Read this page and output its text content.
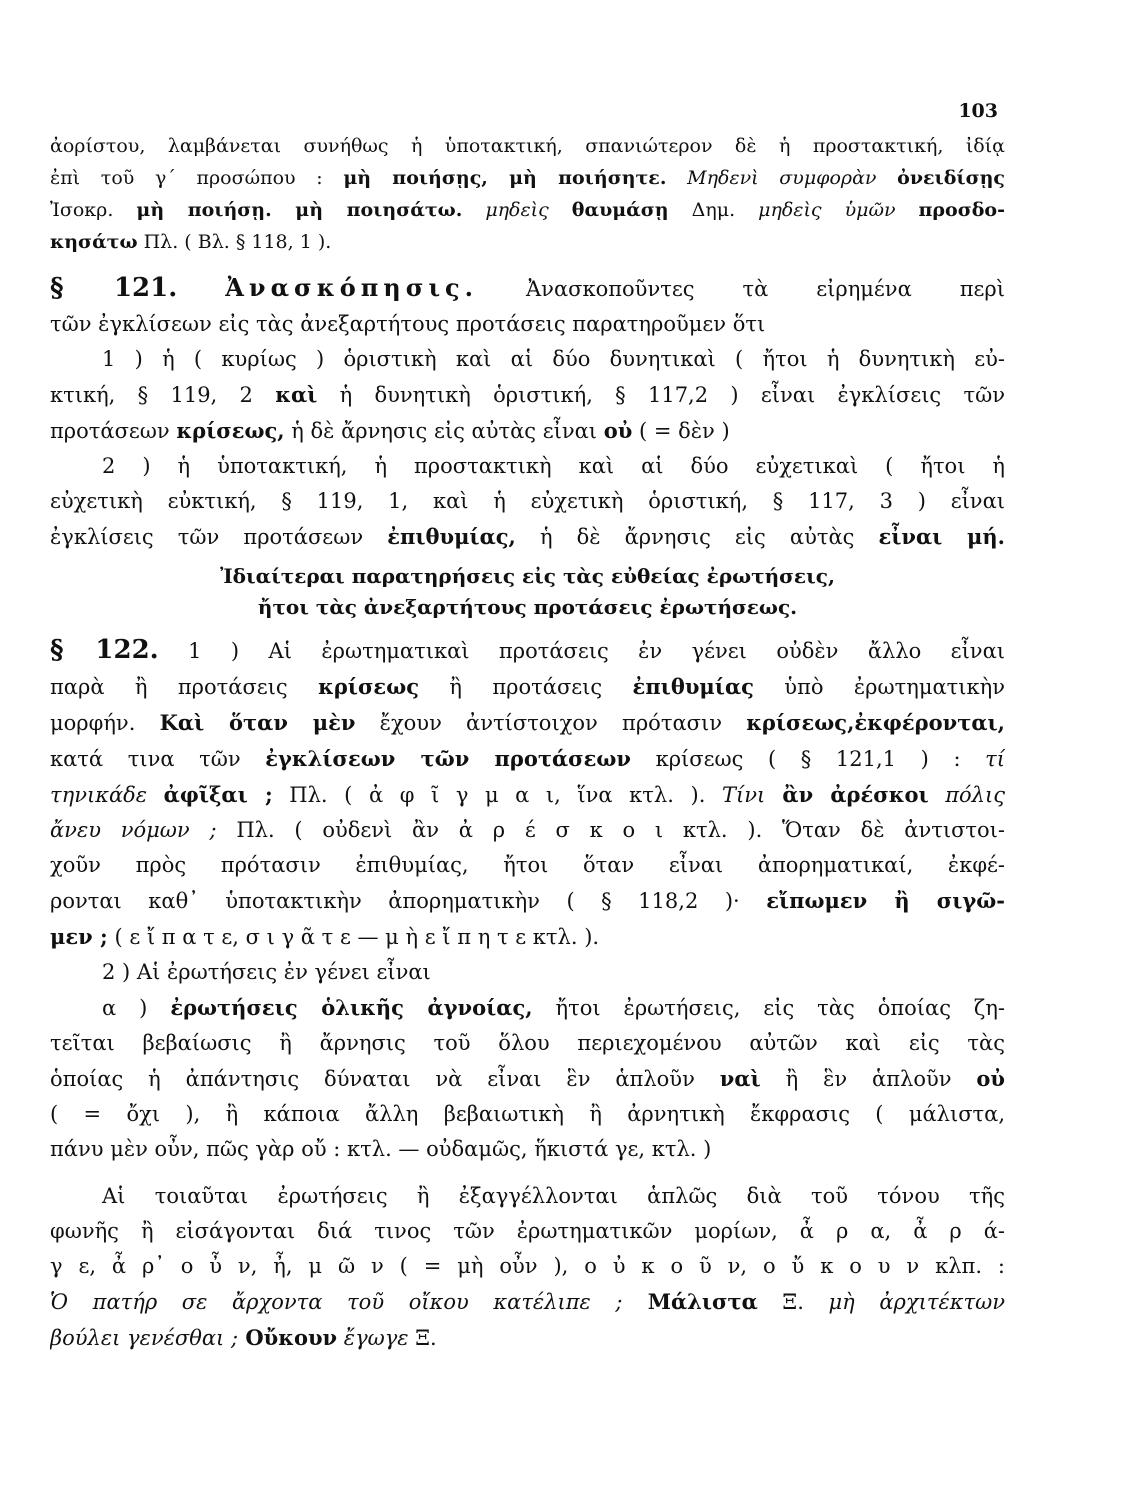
103
ἀορίστου, λαμβάνεται συνήθως ἡ ὑποτακτική, σπανιώτερον δὲ ἡ προστακτική, ἰδίᾳ
ἐπὶ τοῦ γ΄ προσώπου : μὴ ποιήσῃς, μὴ ποιήσητε. Μηδενὶ συμφορὰν ὀνειδίσῃς
Ἰσοκρ. μὴ ποιήσῃ. μὴ ποιησάτω. μηδεὶς θαυμάσῃ Δημ. μηδεὶς ὑμῶν προσδο-
κησάτω Πλ. ( Βλ. § 118, 1 ).
§ 121. Ἀνασκόπησις. Ἀνασκοποῦντες τὰ εἰρημένα περὶ
τῶν ἐγκλίσεων εἰς τὰς ἀνεξαρτήτους προτάσεις παρατηροῦμεν ὅτι
1 ) ἡ ( κυρίως ) ὁριστικὴ καὶ αἱ δύο δυνητικαὶ ( ἤτοι ἡ δυνητικὴ εὐ-
κτική, § 119, 2 καὶ ἡ δυνητικὴ ὁριστική, § 117,2 ) εἶναι ἐγκλίσεις τῶν
προτάσεων κρίσεως, ἡ δὲ ἄρνησις εἰς αὐτὰς εἶναι οὐ ( = δὲν )
2 ) ἡ ὑποτακτική, ἡ προστακτικὴ καὶ αἱ δύο εὐχετικαὶ ( ἤτοι ἡ
εὐχετικὴ εὐκτική, § 119, 1, καὶ ἡ εὐχετικὴ ὁριστική, § 117, 3 ) εἶναι
ἐγκλίσεις τῶν προτάσεων ἐπιθυμίας, ἡ δὲ ἄρνησις εἰς αὐτὰς εἶναι μή.
Ἰδιαίτεραι παρατηρήσεις εἰς τὰς εὐθείας ἐρωτήσεις,
ἤτοι τὰς ἀνεξαρτήτους προτάσεις ἐρωτήσεως.
§ 122. 1 ) Αἱ ἐρωτηματικαὶ προτάσεις ἐν γένει οὐδὲν ἄλλο εἶναι
παρὰ ἢ προτάσεις κρίσεως ἢ προτάσεις ἐπιθυμίας ὑπὸ ἐρωτηματικὴν
μορφήν. Καὶ ὅταν μὲν ἔχουν ἀντίστοιχον πρότασιν κρίσεως,ἐκφέρονται,
κατά τινα τῶν ἐγκλίσεων τῶν προτάσεων κρίσεως ( § 121,1 ) : τί
τηνικάδε ἀφῖξαι ; Πλ. ( ἀ φ ῖ γ μ α ι, ἵνα κτλ. ). Τίνι ἂν ἀρέσκοι πόλις
ἄνευ νόμων ; Πλ. ( οὐδενὶ ἂν ἀ ρ έ σ κ ο ι κτλ. ). Ὅταν δὲ ἀντιστοι-
χοῦν πρὸς πρότασιν ἐπιθυμίας, ἤτοι ὅταν εἶναι ἀπορηματικαί, ἐκφέ-
ρονται καθ᾽ ὑποτακτικὴν ἀπορηματικὴν ( § 118,2 )· εἴπωμεν ἢ σιγῶ-
μεν ; ( ε ἴ π α τ ε, σ ι γ ᾶ τ ε — μ ὴ ε ἴ π η τ ε κτλ. ).
2 ) Αἱ ἐρωτήσεις ἐν γένει εἶναι
α ) ἐρωτήσεις ὁλικῆς ἀγνοίας, ἤτοι ἐρωτήσεις, εἰς τὰς ὁποίας ζη-
τεῖται βεβαίωσις ἢ ἄρνησις τοῦ ὅλου περιεχομένου αὐτῶν καὶ εἰς τὰς
ὁποίας ἡ ἀπάντησις δύναται νὰ εἶναι ἓν ἁπλοῦν ναὶ ἢ ἓν ἁπλοῦν οὐ
( = ὄχι ), ἢ κάποια ἄλλη βεβαιωτικὴ ἢ ἀρνητικὴ ἔκφρασις ( μάλιστα,
πάνυ μὲν οὖν, πῶς γὰρ οὔ : κτλ. — οὐδαμῶς, ἥκιστά γε, κτλ. )
Αἱ τοιαῦται ἐρωτήσεις ἢ ἐξαγγέλλονται ἁπλῶς διὰ τοῦ τόνου τῆς
φωνῆς ἢ εἰσάγονται διά τινος τῶν ἐρωτηματικῶν μορίων, ἆ ρ α, ἆ ρ ά-
γ ε, ἆ ρ᾽ ο ὖ ν, ἦ, μ ῶ ν ( = μὴ οὖν ), ο ὐ κ ο ῦ ν, ο ὔ κ ο υ ν κλπ. :
Ὁ πατήρ σε ἄρχοντα τοῦ οἴκου κατέλιπε ; Μάλιστα Ξ. μὴ ἀρχιτέκτων
βούλει γενέσθαι ; Οὔκουν ἔγωγε Ξ.
